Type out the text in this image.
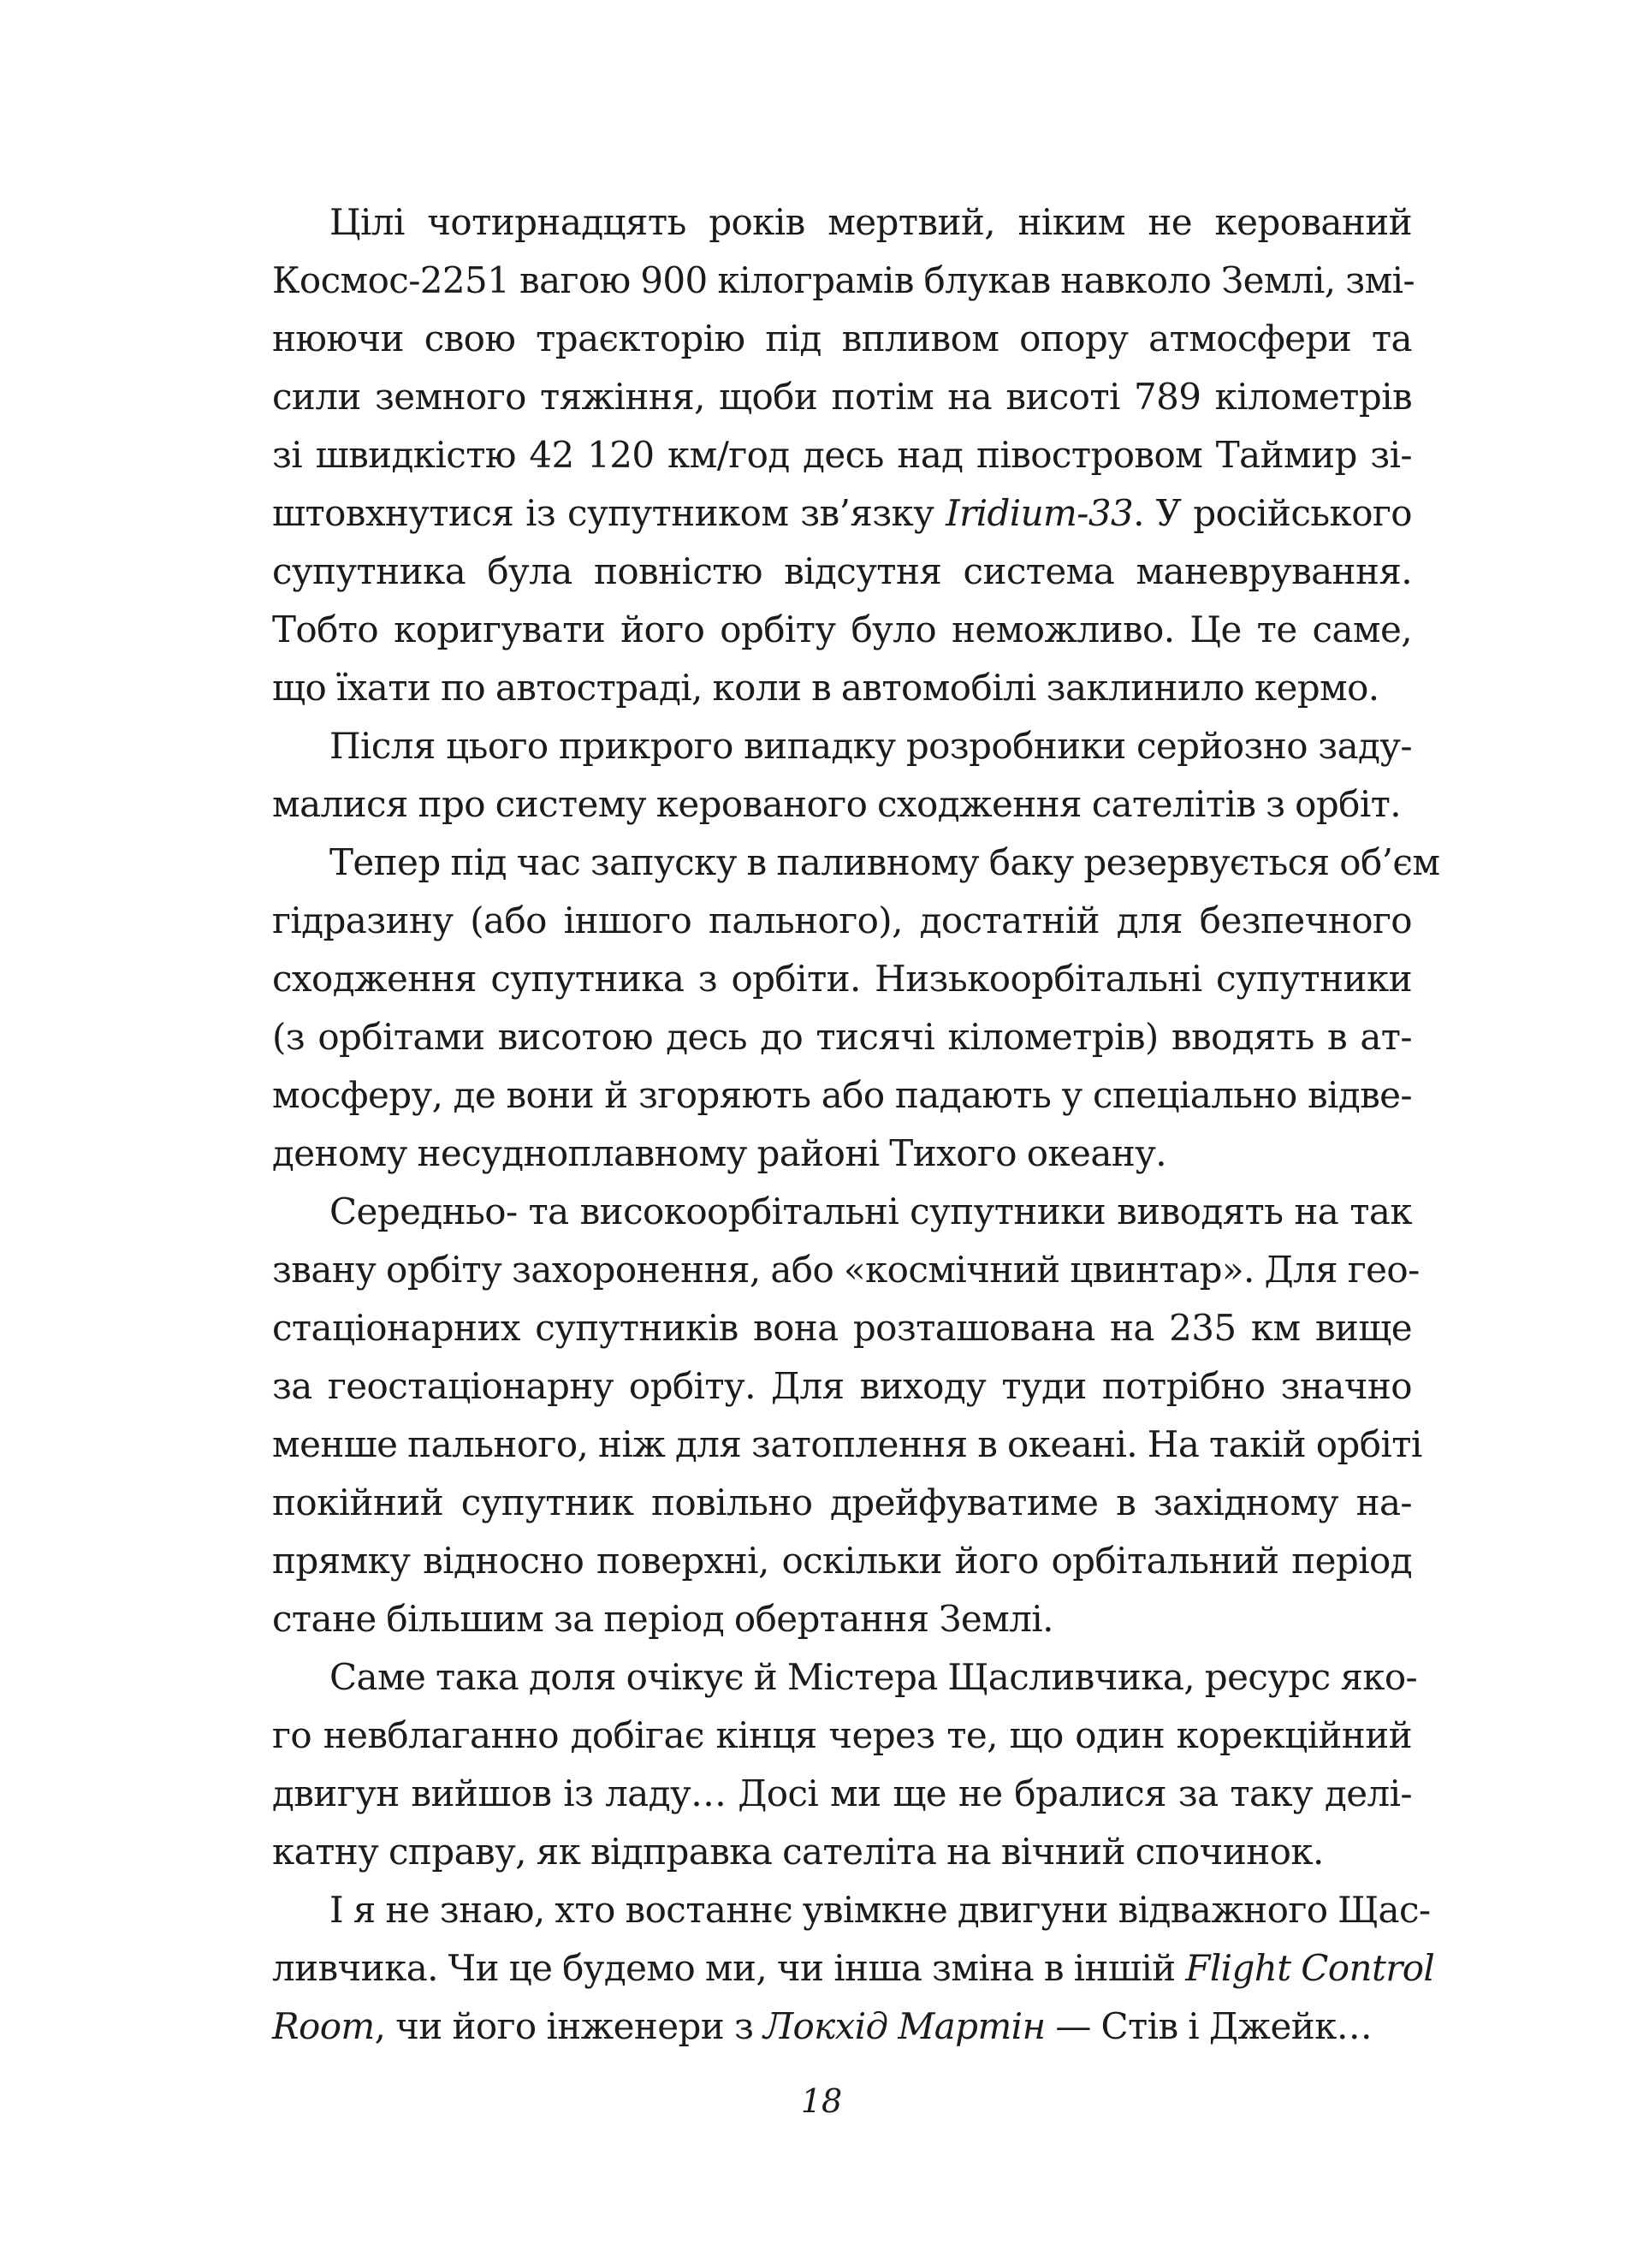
Цілі чотирнадцять років мертвий, ніким не керований
Космос-2251 вагою 900 кілограмів блукав навколо Землі, змі-
нюючи свою траєкторію під впливом опору атмосфери та
сили земного тяжіння, щоби потім на висоті 789 кілометрів
зі швидкістю 42 120 км/год десь над півостровом Таймир зі-
штовхнутися із супутником зв’язку Iridium-33. У російського
супутника була повністю відсутня система маневрування.
Тобто коригувати його орбіту було неможливо. Це те саме,
що їхати по автостраді, коли в автомобілі заклинило кермо.
Після цього прикрого випадку розробники серйозно заду-
малися про систему керованого сходження сателітів з орбіт.
Тепер під час запуску в паливному баку резервується об’єм
гідразину (або іншого пального), достатній для безпечного
сходження супутника з орбіти. Низькоорбітальні супутники
(з орбітами висотою десь до тисячі кілометрів) вводять в ат-
мосферу, де вони й згоряють або падають у спеціально відве-
деному несудноплавному районі Тихого океану.
Середньо- та високоорбітальні супутники виводять на так
звану орбіту захоронення, або «космічний цвинтар». Для гео-
стаціонарних супутників вона розташована на 235 км вище
за геостаціонарну орбіту. Для виходу туди потрібно значно
менше пального, ніж для затоплення в океані. На такій орбіті
покійний супутник повільно дрейфуватиме в західному на-
прямку відносно поверхні, оскільки його орбітальний період
стане більшим за період обертання Землі.
Саме така доля очікує й Містера Щасливчика, ресурс яко-
го невблаганно добігає кінця через те, що один корекційний
двигун вийшов із ладу… Досі ми ще не бралися за таку делі-
катну справу, як відправка сателіта на вічний спочинок.
І я не знаю, хто востаннє увімкне двигуни відважного Щас-
ливчика. Чи це будемо ми, чи інша зміна в іншій Flight Control
Room, чи його інженери з Локхід Мартін — Стів і Джейк…
18
